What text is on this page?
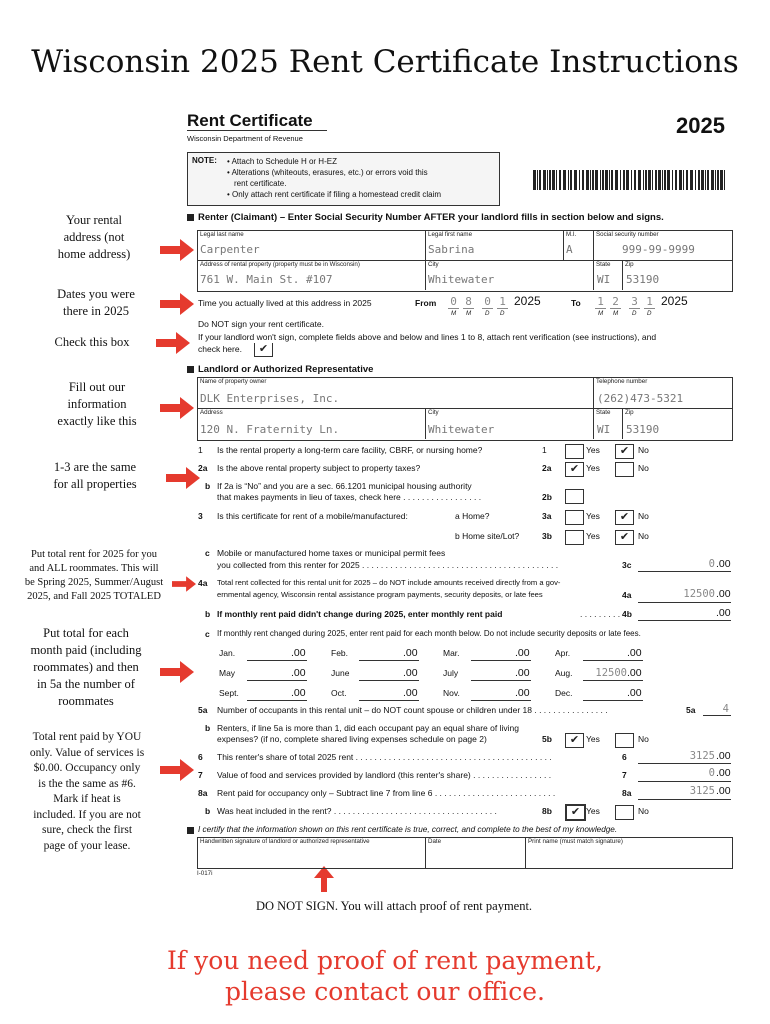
Wisconsin 2025 Rent Certificate Instructions
Your rental
address (not
home address)
Dates you were
there in 2025
Check this box
Fill out our
information
exactly like this
1-3 are the same
for all properties
Put total rent for 2025 for you
and ALL roommates. This will
be Spring 2025, Summer/August
2025, and Fall 2025 TOTALED
Put total for each
month paid (including
roommates) and then
in 5a the number of
roommates
Total rent paid by YOU
only. Value of services is
$0.00. Occupancy only
is the the same as #6.
Mark if heat is
included. If you are not
sure, check the first
page of your lease.
Rent Certificate
Wisconsin Department of Revenue
2025
NOTE: • Attach to Schedule H or H-EZ
• Alterations (whiteouts, erasures, etc.) or errors void this
rent certificate.
• Only attach rent certificate if filing a homestead credit claim
Renter (Claimant) – Enter Social Security Number AFTER your landlord fills in section below and signs.
Legal last name	Legal first name	M.I.	Social security number
Carpenter	Sabrina	A	999-99-9999
Address of rental property (property must be in Wisconsin)	City	State Zip
761 W. Main St. #107	Whitewater	WI 53190
Time you actually lived at this address in 2025	From 0 8 0 1 2025
M M D D
To 1 2 3 1 2025
M M D D
Do NOT sign your rent certificate.
If your landlord won't sign, complete fields above and below and lines 1 to 8, attach rent verification (see instructions), and
check here.	✔
Landlord or Authorized Representative
Name of property owner	Telephone number
DLK Enterprises, Inc.	(262)473-5321
Address	City	State Zip
120 N. Fraternity Ln.	Whitewater	WI 53190
1 Is the rental property a long-term care facility, CBRF, or nursing home?	1	Yes	✔	No
2a Is the above rental property subject to property taxes?	2a	✔ Yes	No
b If 2a is “No” and you are a sec. 66.1201 municipal housing authority
that makes payments in lieu of taxes, check here . . . . . . . . . . . . . . . . .	2b
3 Is this certificate for rent of a mobile/manufactured:	a Home?	3a	Yes	✔	No
b Home site/Lot?	3b	Yes	✔	No
c Mobile or manufactured home taxes or municipal permit fees
you collected from this renter for 2025 . . . . . . . . . . . . . . . . . . . . . . . . . . . . . . . . . . . . . . . . . .	3c	0 .00
4a Total rent collected for this rental unit for 2025 – do NOT include amounts received directly from a gov-
ernmental agency, Wisconsin rental assistance program payments, security deposits, or late fees	4a	12500 .00
b If monthly rent paid didn't change during 2025, enter monthly rent paid	. . . . . . . . . 4b	.00
c If monthly rent changed during 2025, enter rent paid for each month below. Do not include security deposits or late fees.
Jan.	.00	Feb.	.00	Mar.	.00	Apr.	.00
May	.00	June	.00	July	.00	Aug.	12500 .00
Sept.	.00	Oct.	.00	Nov.	.00	Dec.	.00
5a Number of occupants in this rental unit – do NOT count spouse or children under 18 . . . . . . . . . . . . . . . .	5a	4
b Renters, if line 5a is more than 1, did each occupant pay an equal share of living
expenses? (if no, complete shared living expenses schedule on page 2)	5b	✔ Yes	No
6 This renter's share of total 2025 rent . . . . . . . . . . . . . . . . . . . . . . . . . . . . . . . . . . . . . . . . . .	6	3125 .00
7 Value of food and services provided by landlord (this renter's share) . . . . . . . . . . . . . . . . .	7	0 .00
8a Rent paid for occupancy only – Subtract line 7 from line 6 . . . . . . . . . . . . . . . . . . . . . . . . . .	8a	3125 .00
b Was heat included in the rent? . . . . . . . . . . . . . . . . . . . . . . . . . . . . . . . . . . .	8b	✔ Yes	No
I certify that the information shown on this rent certificate is true, correct, and complete to the best of my knowledge.
Handwritten signature of landlord or authorized representative	Date	Print name (must match signature)
I-017i
DO NOT SIGN. You will attach proof of rent payment.
If you need proof of rent payment,
please contact our office.
